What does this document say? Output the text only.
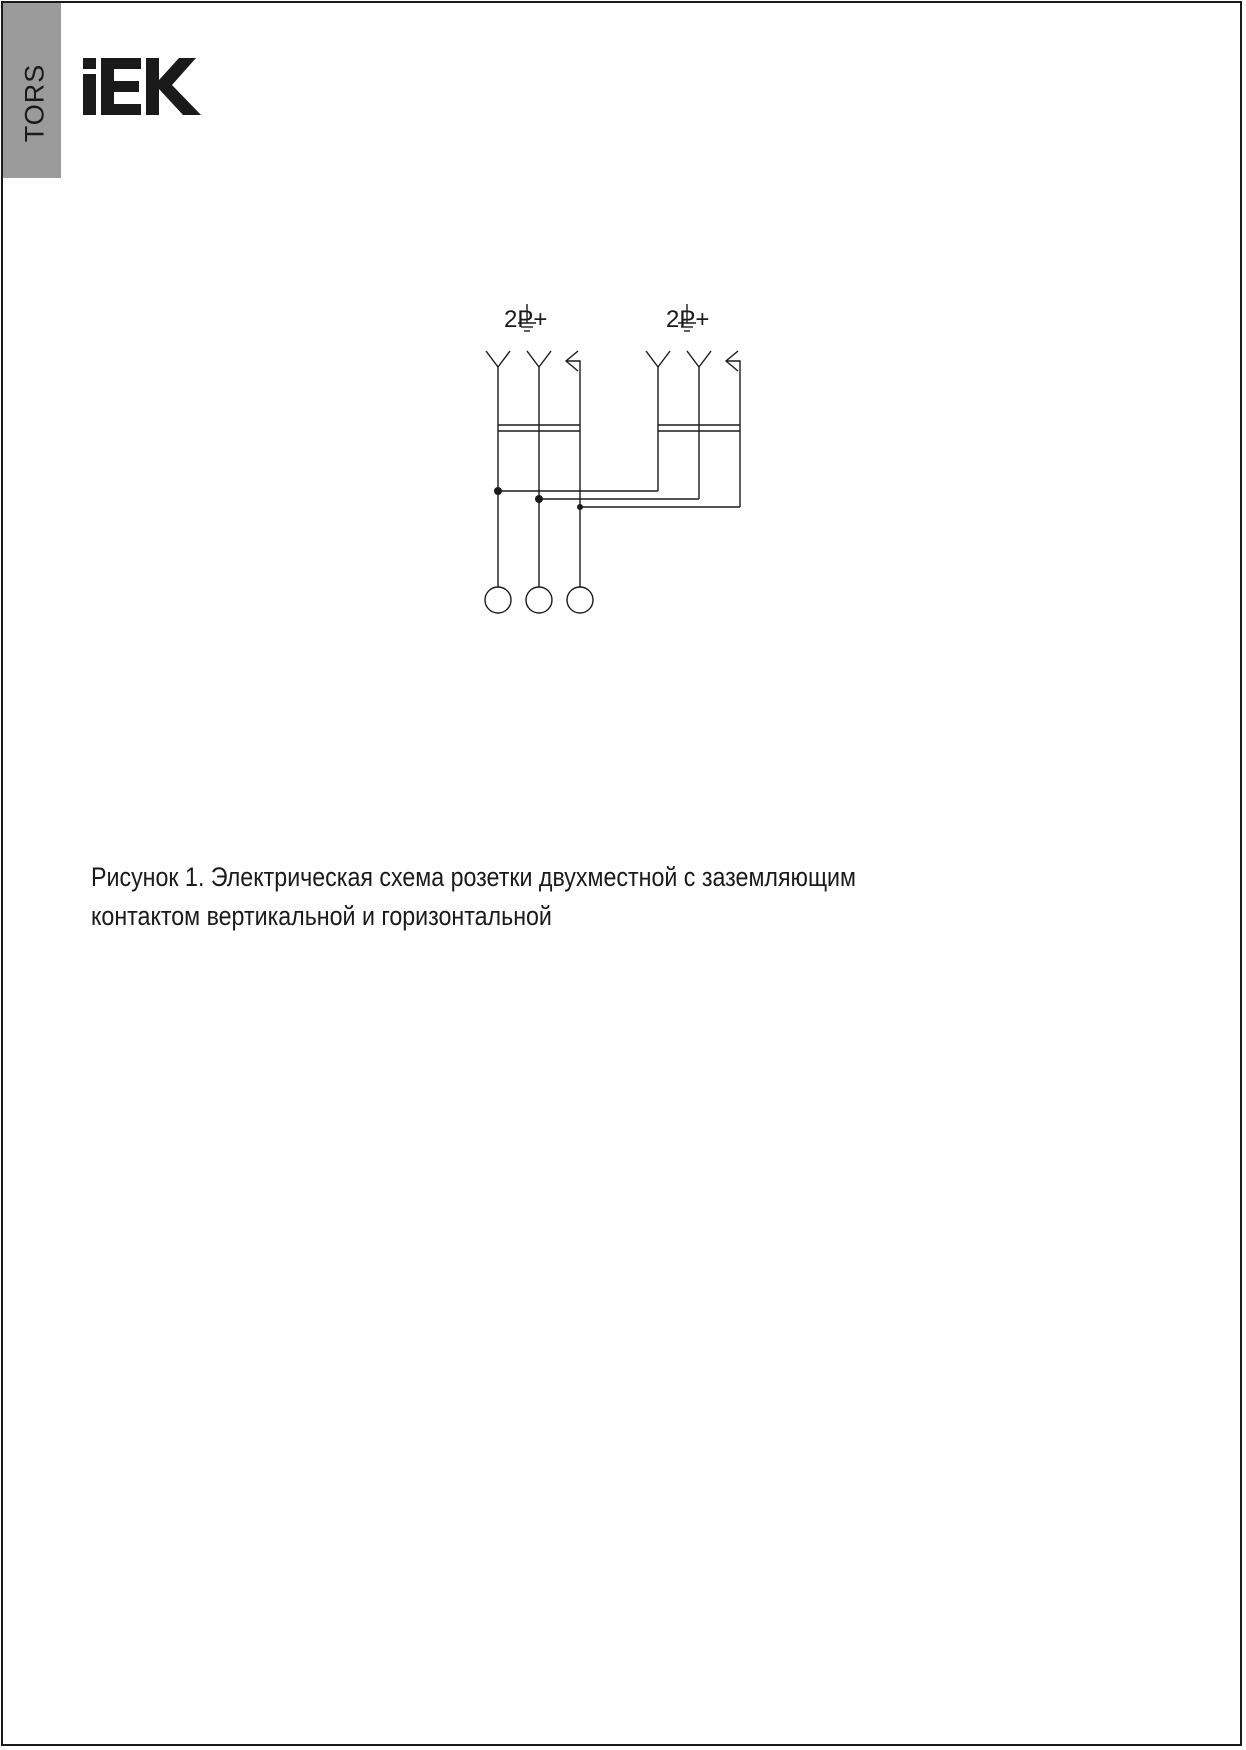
TORS
2P+	2P+
Рисунок 1. Электрическая схема розетки двухместной с заземляющим
контактом вертикальной и горизонтальной
